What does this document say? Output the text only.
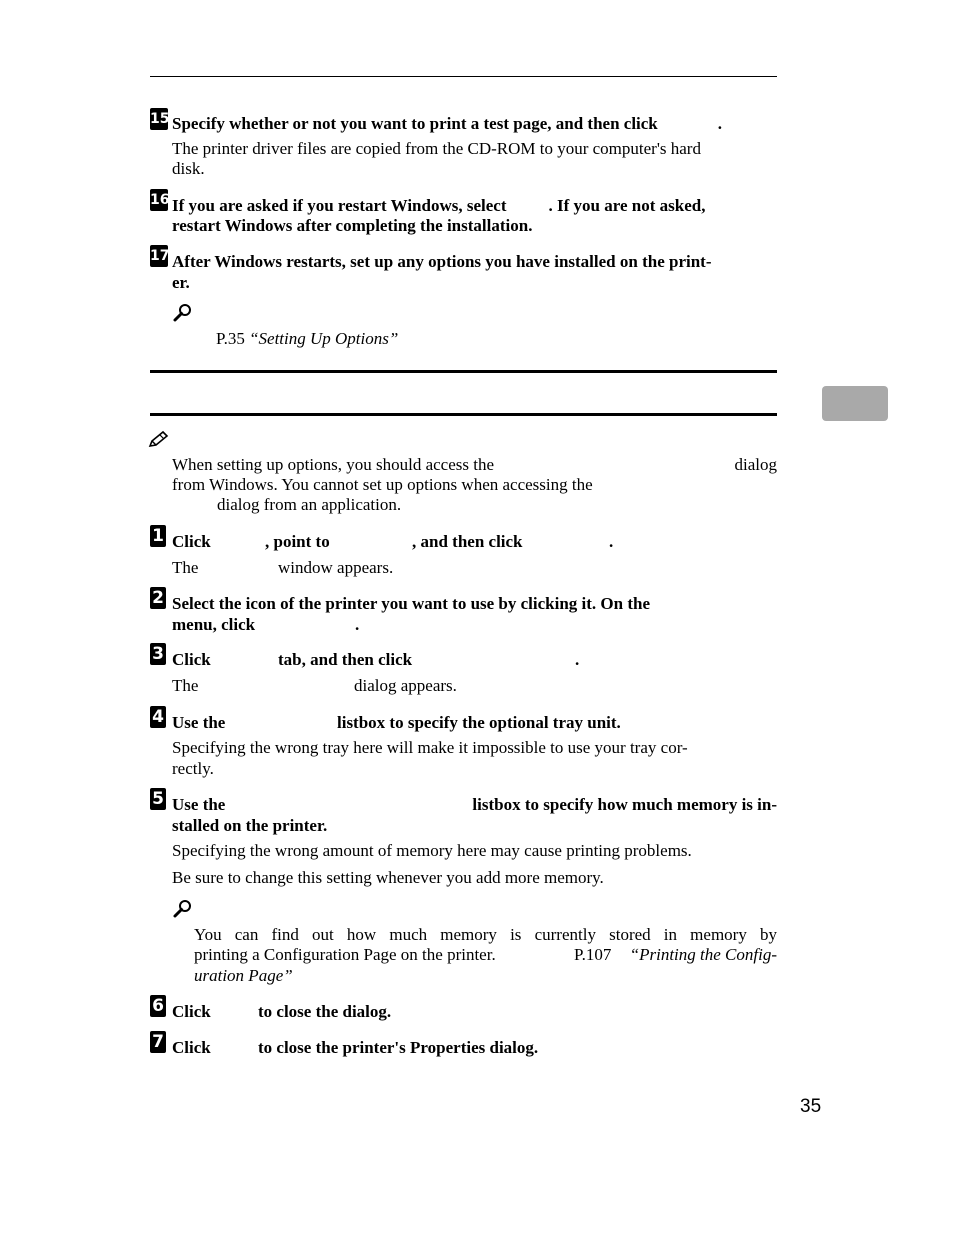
15 Specify whether or not you want to print a test page, and then click	.
The printer driver files are copied from the CD-ROM to your computer's hard
disk.
16 If you are asked if you restart Windows, select . If you are not asked,
restart Windows after completing the installation.
17 After Windows restarts, set up any options you have installed on the print-
er.
P.35 “Setting Up Options”
When setting up options, you should access the	dialog
from Windows. You cannot set up options when accessing the
dialog from an application.
1 Click	, point to	, and then click	.
The	window appears.
2 Select the icon of the printer you want to use by clicking it. On the
menu, click	.
3 Click	tab, and then click	.
The	dialog appears.
4 Use the	listbox to specify the optional tray unit.
Specifying the wrong tray here will make it impossible to use your tray cor-
rectly.
5 Use the	listbox to specify how much memory is in-
stalled on the printer.
Specifying the wrong amount of memory here may cause printing problems.
Be sure to change this setting whenever you add more memory.
You can find out how much memory is currently stored in memory by
printing a Configuration Page on the printer.	P.107 “Printing the Config-
uration Page”
6 Click	to close the dialog.
7 Click	to close the printer's Properties dialog.
35
